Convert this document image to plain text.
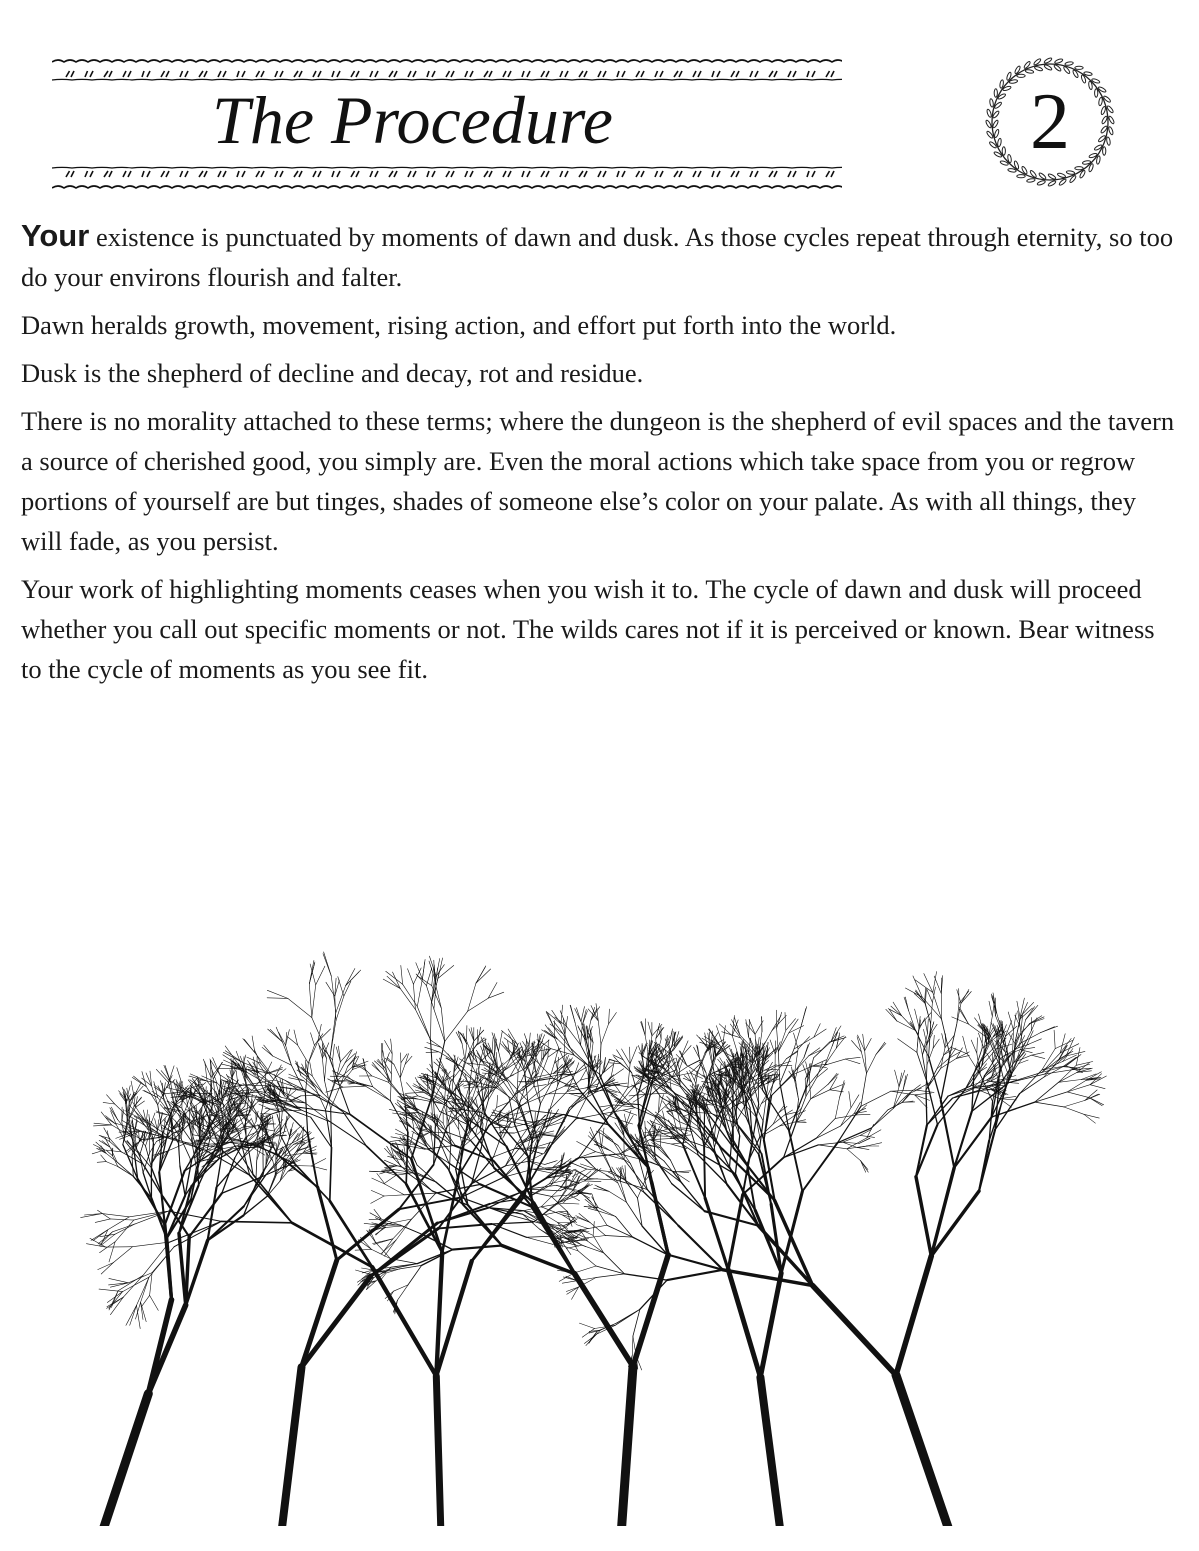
The Procedure	2

Your existence is punctuated by moments of dawn and dusk. As those cycles repeat through eternity, so too do your environs flourish and falter.

Dawn heralds growth, movement, rising action, and effort put forth into the world.

Dusk is the shepherd of decline and decay, rot and residue.

There is no morality attached to these terms; where the dungeon is the shepherd of evil spaces and the tavern a source of cherished good, you simply are. Even the moral actions which take space from you or regrow portions of yourself are but tinges, shades of someone else’s color on your palate. As with all things, they will fade, as you persist.

Your work of highlighting moments ceases when you wish it to. The cycle of dawn and dusk will proceed whether you call out specific moments or not. The wilds cares not if it is perceived or known. Bear witness to the cycle of moments as you see fit.
